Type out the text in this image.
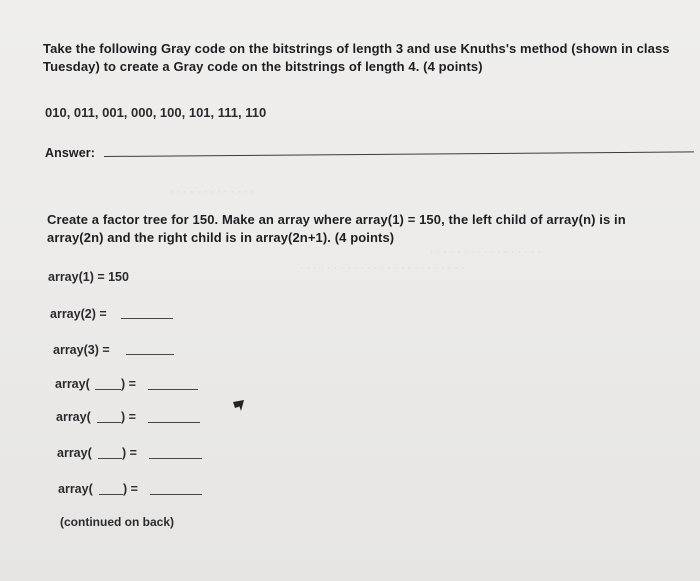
· · · · · · · · · · · · ·
· · · · · · · · · · · · · · · · ·
· · · · · · · · · · · · · · · · · · · · · · · · ·
Take the following Gray code on the bitstrings of length 3 and use Knuths's method (shown in class
Tuesday) to create a Gray code on the bitstrings of length 4. (4 points)
010, 011, 001, 000, 100, 101, 111, 110
Answer:
Create a factor tree for 150. Make an array where array(1) = 150, the left child of array(n) is in
array(2n) and the right child is in array(2n+1). (4 points)
array(1) = 150
array(2) =
array(3) =
array(	) =
array( ) =
array( ) =
array( ) =
(continued on back)
